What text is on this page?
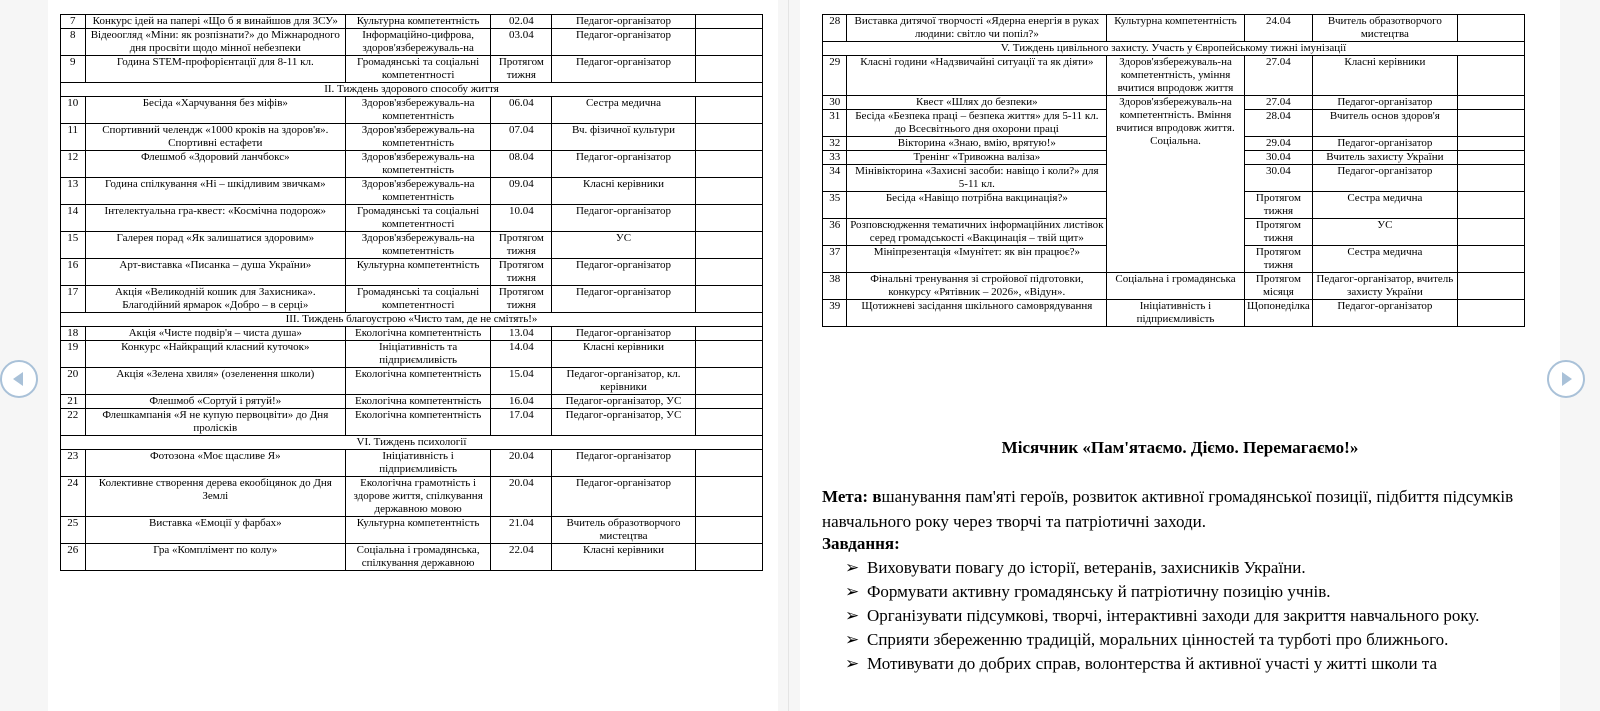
7	Конкурс ідей на папері «Що б я винайшов для ЗСУ»	Культурна компетентність	02.04	Педагог-організатор	
8	Відеоогляд «Міни: як розпізнати?» до Міжнародного дня просвіти щодо мінної небезпеки	Інформаційно-цифрова, здоров'язбережуваль-на	03.04	Педагог-організатор	
9	Година STEM-профорієнтації для 8-11 кл.	Громадянські та соціальні компетентності	Протягом тижня	Педагог-організатор	
ІІ. Тиждень здорового способу життя					
10	Бесіда «Харчування без міфів»	Здоров'язбережуваль-на компетентність	06.04	Сестра медична	
11	Спортивний челендж «1000 кроків на здоров'я». Спортивні естафети	Здоров'язбережуваль-на компетентність	07.04	Вч. фізичної культури	
12	Флешмоб «Здоровий ланчбокс»	Здоров'язбережуваль-на компетентність	08.04	Педагог-організатор	
13	Година спілкування «Ні – шкідливим звичкам»	Здоров'язбережуваль-на компетентність	09.04	Класні керівники	
14	Інтелектуальна гра-квест: «Космічна подорож»	Громадянські та соціальні компетентності	10.04	Педагог-організатор	
15	Галерея порад «Як залишатися здоровим»	Здоров'язбережуваль-на компетентність	Протягом тижня	УС	
16	Арт-виставка «Писанка – душа України»	Культурна компетентність	Протягом тижня	Педагог-організатор	
17	Акція «Великодній кошик для Захисника». Благодійний ярмарок «Добро – в серці»	Громадянські та соціальні компетентності	Протягом тижня	Педагог-організатор	
ІІІ. Тиждень благоустрою «Чисто там, де не смітять!»					
18	Акція «Чисте подвір'я – чиста душа»	Екологічна компетентність	13.04	Педагог-організатор	
19	Конкурс «Найкращий класний куточок»	Ініціативність та підприємливість	14.04	Класні керівники	
20	Акція «Зелена хвиля» (озеленення школи)	Екологічна компетентність	15.04	Педагог-організатор, кл. керівники	
21	Флешмоб «Сортуй і рятуй!»	Екологічна компетентність	16.04	Педагог-організатор, УС	
22	Флешкампанія «Я не купую первоцвіти» до Дня пролісків	Екологічна компетентність	17.04	Педагог-організатор, УС	
VІ. Тиждень психології					
23	Фотозона «Моє щасливе Я»	Ініціативність і підприємливість	20.04	Педагог-організатор	
24	Колективне створення дерева екообіцянок до Дня Землі	Екологічна грамотність і здорове життя, спілкування державною мовою	20.04	Педагог-організатор	
25	Виставка «Емоції у фарбах»	Культурна компетентність	21.04	Вчитель образотворчого мистецтва	
26	Гра «Комплімент по колу»	Соціальна і громадянська, спілкування державною	22.04	Класні керівники	
28	Виставка дитячої творчості «Ядерна енергія в руках людини: світло чи попіл?»	Культурна компетентність	24.04	Вчитель образотворчого мистецтва	
V. Тиждень цивільного захисту. Участь у Європейському тижні імунізації					
29	Класні години «Надзвичайні ситуації та як діяти»	Здоров'язбережуваль-на компетентність, уміння вчитися впродовж життя	27.04	Класні керівники	
30	Квест «Шлях до безпеки»	Здоров'язбережуваль-на компетентність. Вміння вчитися впродовж життя. Соціальна.	27.04	Педагог-організатор	
31	Бесіда «Безпека праці – безпека життя» для 5-11 кл. до Всесвітнього дня охорони праці		28.04	Вчитель основ здоров'я	
32	Вікторина «Знаю, вмію, врятую!»		29.04	Педагог-організатор	
33	Тренінг «Тривожна валіза»		30.04	Вчитель захисту України	
34	Мінівікторина «Захисні засоби: навіщо і коли?» для 5-11 кл.		30.04	Педагог-організатор	
35	Бесіда «Навіщо потрібна вакцинація?»		Протягом тижня	Сестра медична	
36	Розповсюдження тематичних інформаційних листівок серед громадськості «Вакцинація – твій щит»		Протягом тижня	УС	
37	Мініпрезентація «Імунітет: як він працює?»		Протягом тижня	Сестра медична	
38	Фінальні тренування зі стройової підготовки, конкурсу «Рятівник – 2026», «Відун».	Соціальна і громадянська	Протягом місяця	Педагог-організатор, вчитель захисту України	
39	Щотижневі засідання шкільного самоврядування	Ініціативність і підприємливість	Щопонеділка	Педагог-організатор	
Місячник «Пам'ятаємо. Діємо. Перемагаємо!»
Мета: вшанування пам'яті героїв, розвиток активної громадянської позиції, підбиття підсумків навчального року через творчі та патріотичні заходи.
Завдання:
➢ Виховувати повагу до історії, ветеранів, захисників України.
➢ Формувати активну громадянську й патріотичну позицію учнів.
➢ Організувати підсумкові, творчі, інтерактивні заходи для закриття навчального року.
➢ Сприяти збереженню традицій, моральних цінностей та турботі про ближнього.
➢ Мотивувати до добрих справ, волонтерства й активної участі у житті школи та
